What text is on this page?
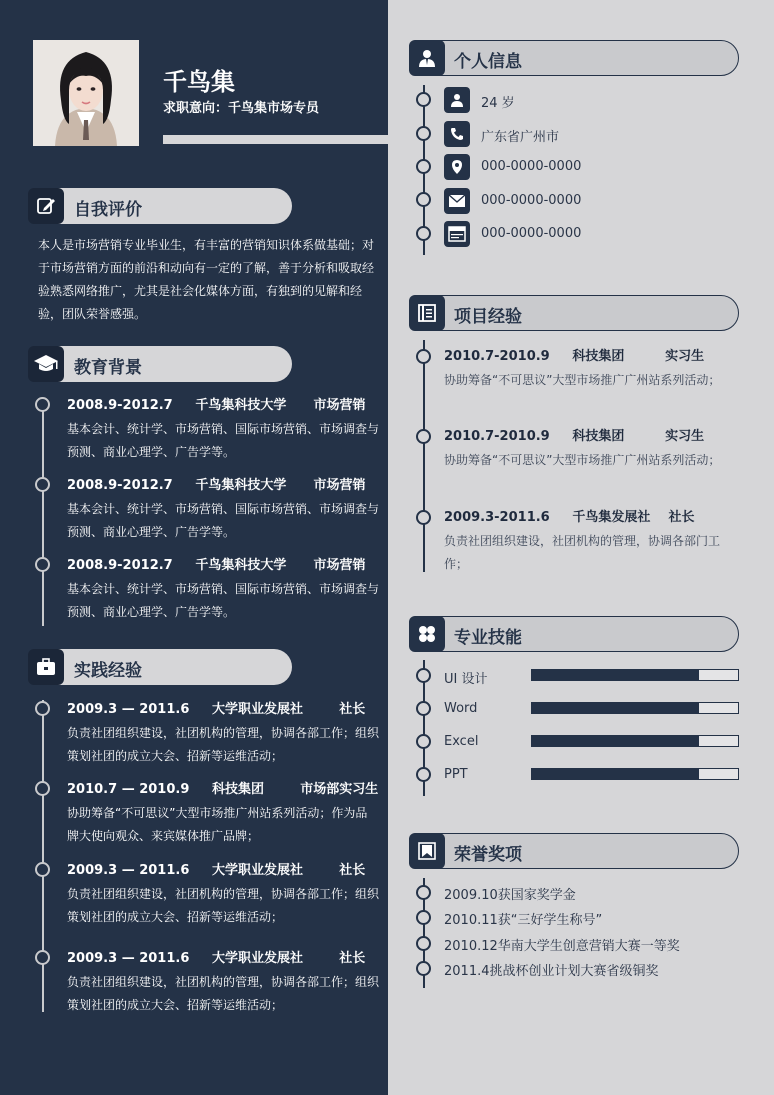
千鸟集
求职意向：千鸟集市场专员
自我评价
本人是市场营销专业毕业生，有丰富的营销知识体系做基础；对于市场营销方面的前沿和动向有一定的了解，善于分析和吸取经验熟悉网络推广，尤其是社会化媒体方面，有独到的见解和经验，团队荣誉感强。
教育背景
2008.9-2012.7     千鸟集科技大学      市场营销
基本会计、统计学、市场营销、国际市场营销、市场调查与预测、商业心理学、广告学等。
2008.9-2012.7     千鸟集科技大学      市场营销
基本会计、统计学、市场营销、国际市场营销、市场调查与预测、商业心理学、广告学等。
2008.9-2012.7     千鸟集科技大学      市场营销
基本会计、统计学、市场营销、国际市场营销、市场调查与预测、商业心理学、广告学等。
实践经验
2009.3 — 2011.6     大学职业发展社        社长
负责社团组织建设，社团机构的管理，协调各部工作；组织策划社团的成立大会、招新等运维活动；
2010.7 — 2010.9     科技集团        市场部实习生
协助筹备“不可思议”大型市场推广州站系列活动；作为品牌大使向观众、来宾媒体推广品牌；
2009.3 — 2011.6     大学职业发展社        社长
负责社团组织建设，社团机构的管理，协调各部工作；组织策划社团的成立大会、招新等运维活动；
2009.3 — 2011.6     大学职业发展社        社长
负责社团组织建设，社团机构的管理，协调各部工作；组织策划社团的成立大会、招新等运维活动；
个人信息
24 岁
广东省广州市
000-0000-0000
000-0000-0000
000-0000-0000
项目经验
2010.7-2010.9     科技集团         实习生
协助筹备“不可思议”大型市场推广广州站系列活动；
2010.7-2010.9     科技集团         实习生
协助筹备“不可思议”大型市场推广广州站系列活动；
2009.3-2011.6     千鸟集发展社    社长
负责社团组织建设，社团机构的管理，协调各部门工作；
专业技能
UI 设计
Word
Excel
PPT
荣誉奖项
2009.10获国家奖学金
2010.11获“三好学生称号”
2010.12华南大学生创意营销大赛一等奖
2011.4挑战杯创业计划大赛省级铜奖
